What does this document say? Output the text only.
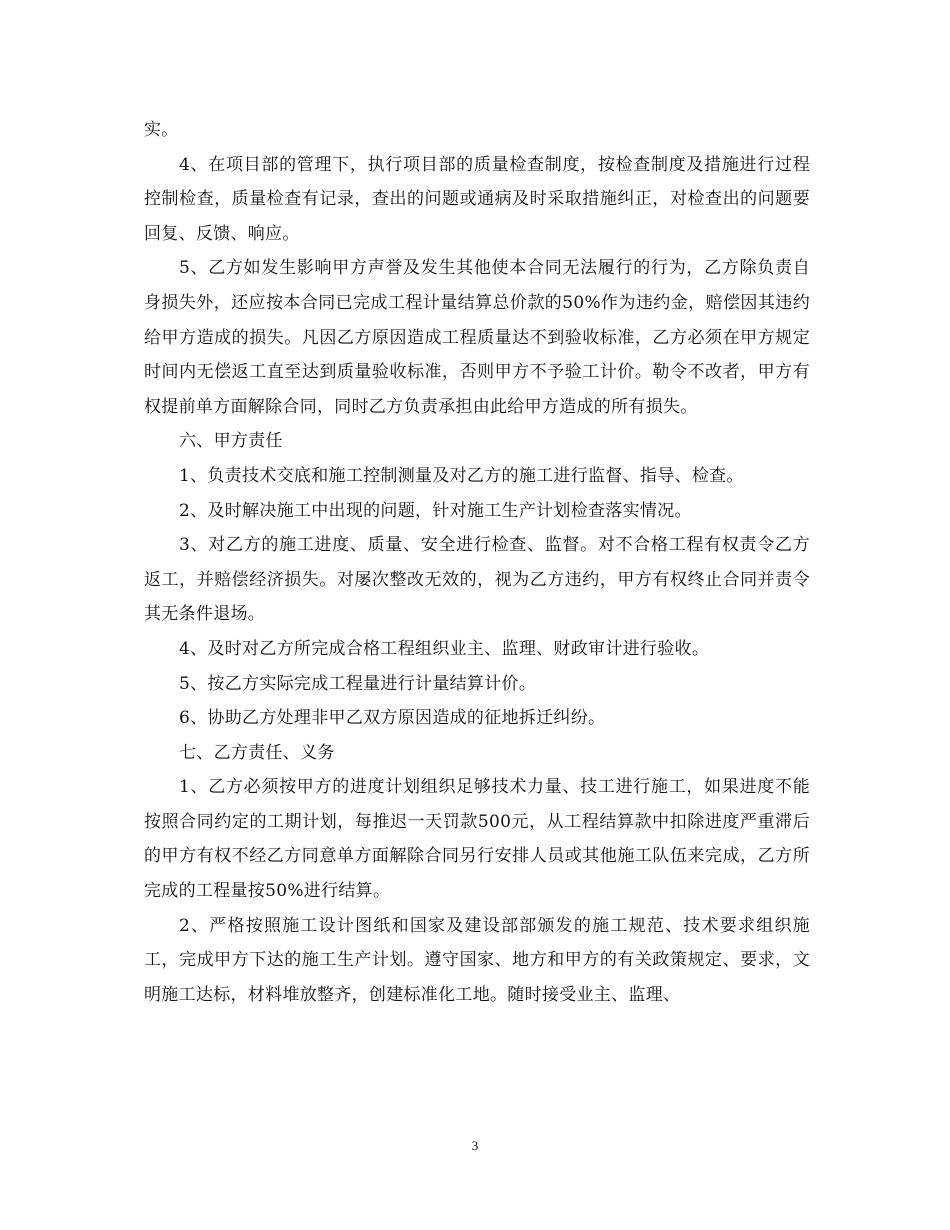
实。

4、在项目部的管理下，执行项目部的质量检查制度，按检查制度及措施进行过程控制检查，质量检查有记录，查出的问题或通病及时采取措施纠正，对检查出的问题要回复、反馈、响应。

5、乙方如发生影响甲方声誉及发生其他使本合同无法履行的行为，乙方除负责自身损失外，还应按本合同已完成工程计量结算总价款的50%作为违约金，赔偿因其违约给甲方造成的损失。凡因乙方原因造成工程质量达不到验收标准，乙方必须在甲方规定时间内无偿返工直至达到质量验收标准，否则甲方不予验工计价。勒令不改者，甲方有权提前单方面解除合同，同时乙方负责承担由此给甲方造成的所有损失。

六、甲方责任

1、负责技术交底和施工控制测量及对乙方的施工进行监督、指导、检查。

2、及时解决施工中出现的问题，针对施工生产计划检查落实情况。

3、对乙方的施工进度、质量、安全进行检查、监督。对不合格工程有权责令乙方返工，并赔偿经济损失。对屡次整改无效的，视为乙方违约，甲方有权终止合同并责令其无条件退场。

4、及时对乙方所完成合格工程组织业主、监理、财政审计进行验收。

5、按乙方实际完成工程量进行计量结算计价。

6、协助乙方处理非甲乙双方原因造成的征地拆迁纠纷。

七、乙方责任、义务

1、乙方必须按甲方的进度计划组织足够技术力量、技工进行施工，如果进度不能按照合同约定的工期计划，每推迟一天罚款500元，从工程结算款中扣除进度严重滞后的甲方有权不经乙方同意单方面解除合同另行安排人员或其他施工队伍来完成，乙方所完成的工程量按50%进行结算。

2、严格按照施工设计图纸和国家及建设部部颁发的施工规范、技术要求组织施工，完成甲方下达的施工生产计划。遵守国家、地方和甲方的有关政策规定、要求，文明施工达标，材料堆放整齐，创建标准化工地。随时接受业主、监理、

3
